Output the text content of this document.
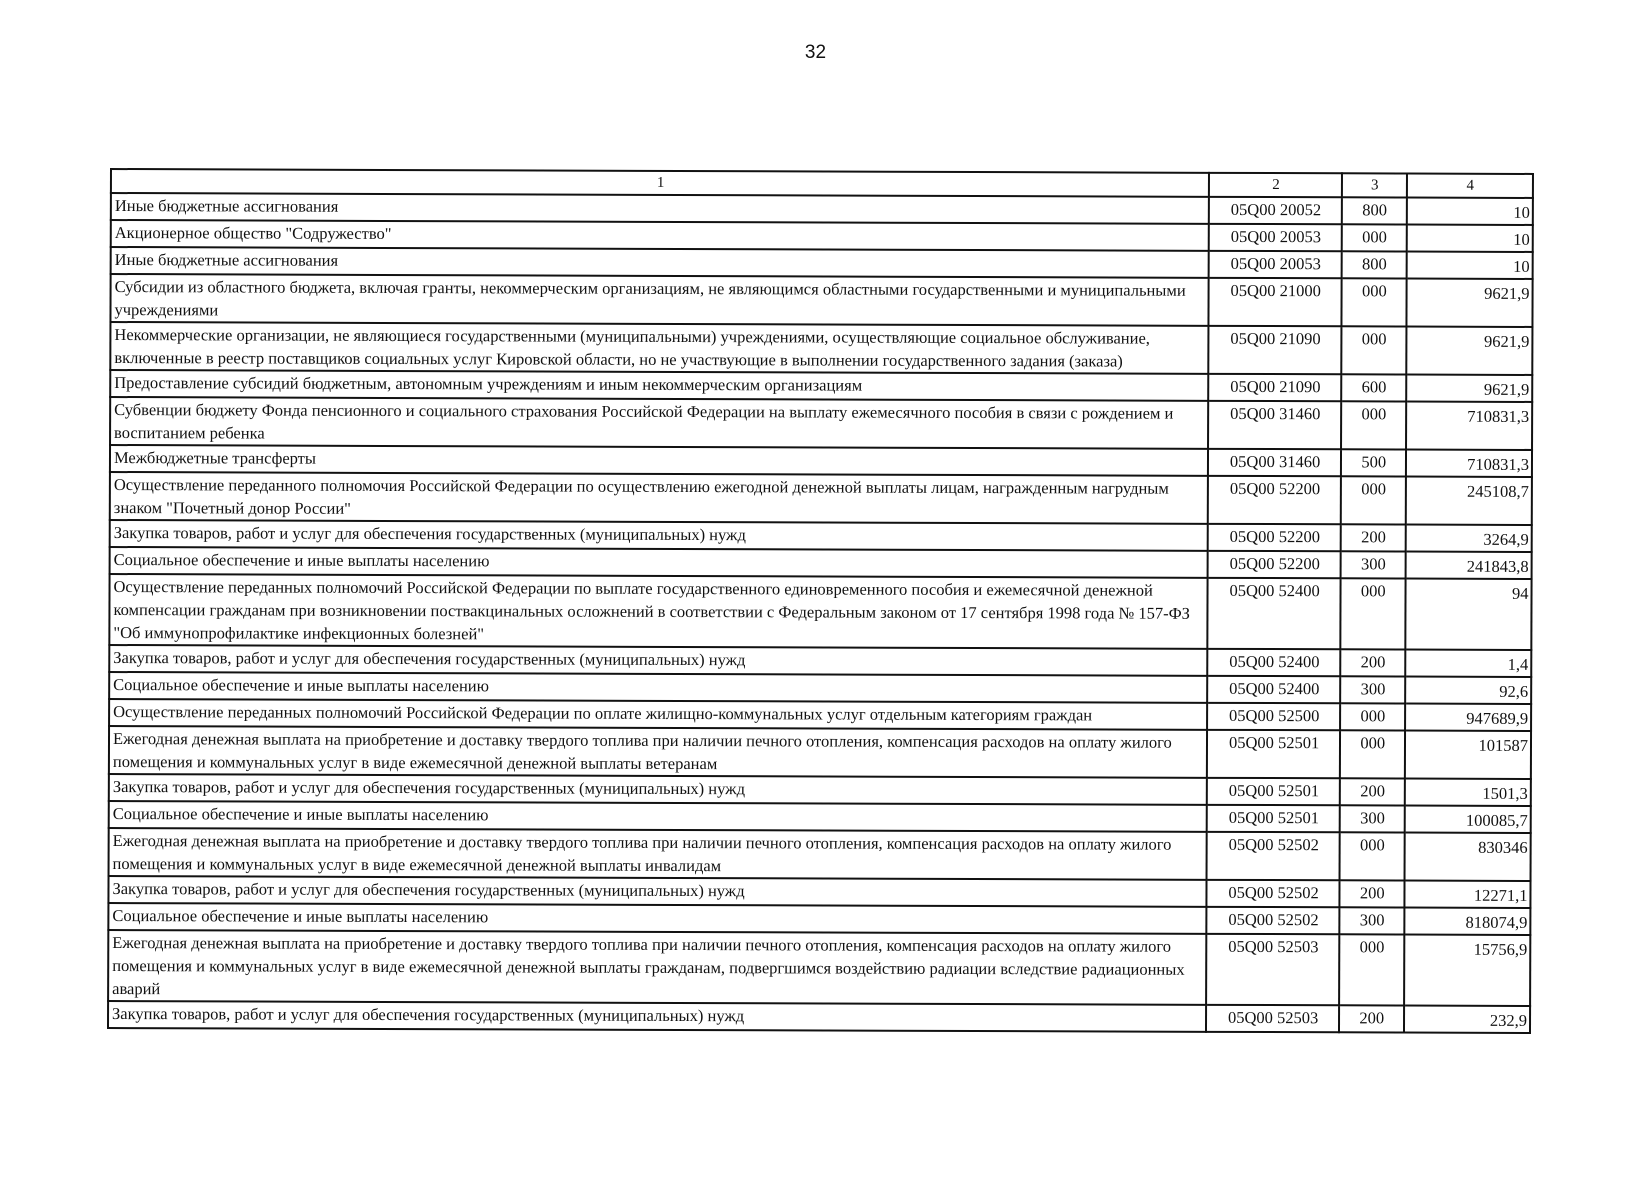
32
1	2	3	4
Иные бюджетные ассигнования	05Q00 20052	800	10
Акционерное общество "Содружество"	05Q00 20053	000	10
Иные бюджетные ассигнования	05Q00 20053	800	10
Субсидии из областного бюджета, включая гранты, некоммерческим организациям, не являющимся областными государственными и муниципальными учреждениями	05Q00 21000	000	9621,9
Некоммерческие организации, не являющиеся государственными (муниципальными) учреждениями, осуществляющие социальное обслуживание, включенные в реестр поставщиков социальных услуг Кировской области, но не участвующие в выполнении государственного задания (заказа)	05Q00 21090	000	9621,9
Предоставление субсидий бюджетным, автономным учреждениям и иным некоммерческим организациям	05Q00 21090	600	9621,9
Субвенции бюджету Фонда пенсионного и социального страхования Российской Федерации на выплату ежемесячного пособия в связи с рождением и воспитанием ребенка	05Q00 31460	000	710831,3
Межбюджетные трансферты	05Q00 31460	500	710831,3
Осуществление переданного полномочия Российской Федерации по осуществлению ежегодной денежной выплаты лицам, награжденным нагрудным знаком "Почетный донор России"	05Q00 52200	000	245108,7
Закупка товаров, работ и услуг для обеспечения государственных (муниципальных) нужд	05Q00 52200	200	3264,9
Социальное обеспечение и иные выплаты населению	05Q00 52200	300	241843,8
Осуществление переданных полномочий Российской Федерации по выплате государственного единовременного пособия и ежемесячной денежной компенсации гражданам при возникновении поствакцинальных осложнений в соответствии с Федеральным законом от 17 сентября 1998 года № 157-ФЗ "Об иммунопрофилактике инфекционных болезней"	05Q00 52400	000	94
Закупка товаров, работ и услуг для обеспечения государственных (муниципальных) нужд	05Q00 52400	200	1,4
Социальное обеспечение и иные выплаты населению	05Q00 52400	300	92,6
Осуществление переданных полномочий Российской Федерации по оплате жилищно-коммунальных услуг отдельным категориям граждан	05Q00 52500	000	947689,9
Ежегодная денежная выплата на приобретение и доставку твердого топлива при наличии печного отопления, компенсация расходов на оплату жилого помещения и коммунальных услуг в виде ежемесячной денежной выплаты ветеранам	05Q00 52501	000	101587
Закупка товаров, работ и услуг для обеспечения государственных (муниципальных) нужд	05Q00 52501	200	1501,3
Социальное обеспечение и иные выплаты населению	05Q00 52501	300	100085,7
Ежегодная денежная выплата на приобретение и доставку твердого топлива при наличии печного отопления, компенсация расходов на оплату жилого помещения и коммунальных услуг в виде ежемесячной денежной выплаты инвалидам	05Q00 52502	000	830346
Закупка товаров, работ и услуг для обеспечения государственных (муниципальных) нужд	05Q00 52502	200	12271,1
Социальное обеспечение и иные выплаты населению	05Q00 52502	300	818074,9
Ежегодная денежная выплата на приобретение и доставку твердого топлива при наличии печного отопления, компенсация расходов на оплату жилого помещения и коммунальных услуг в виде ежемесячной денежной выплаты гражданам, подвергшимся воздействию радиации вследствие радиационных аварий	05Q00 52503	000	15756,9
Закупка товаров, работ и услуг для обеспечения государственных (муниципальных) нужд	05Q00 52503	200	232,9
